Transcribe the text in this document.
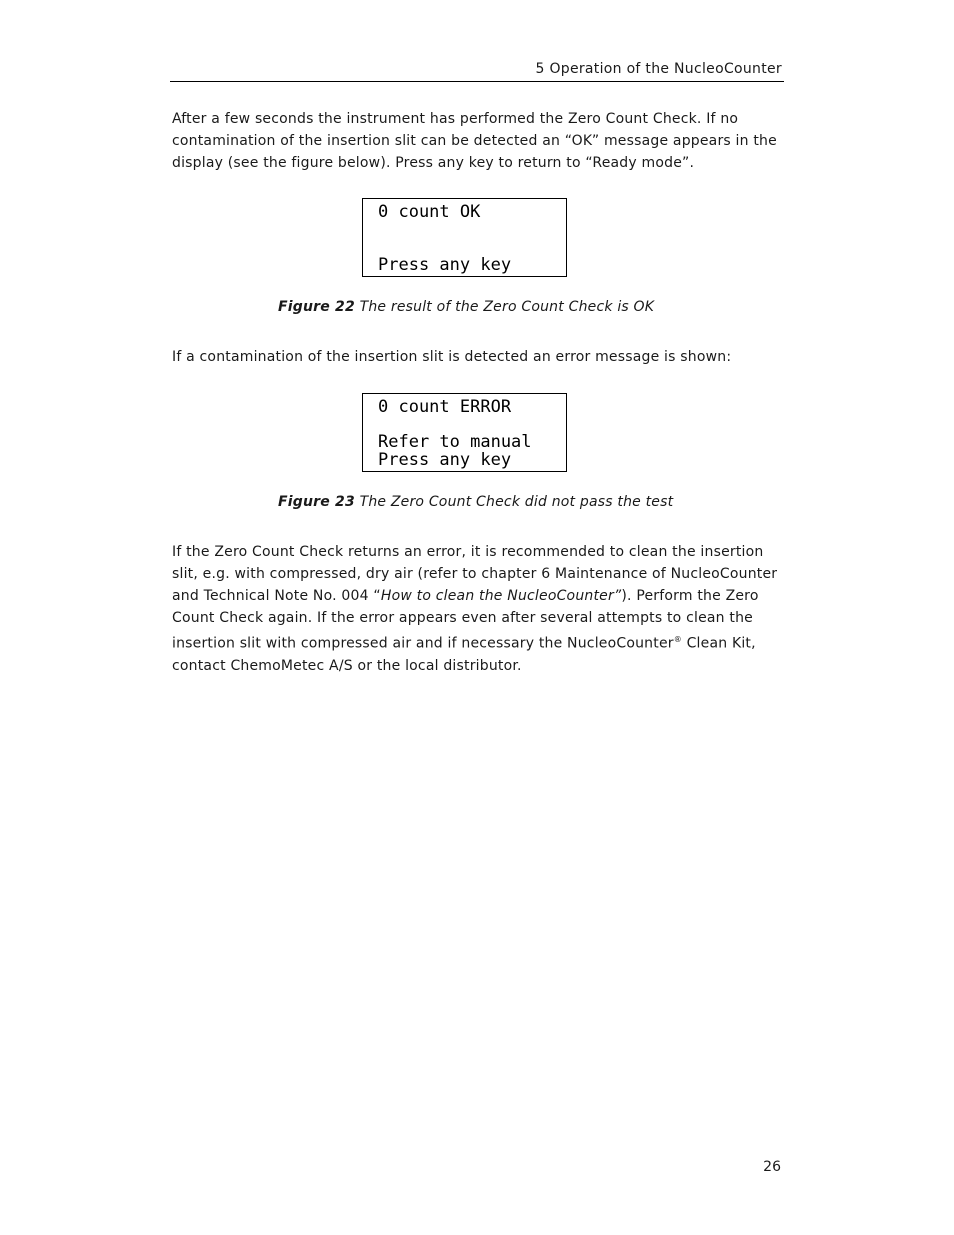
5 Operation of the NucleoCounter
After a few seconds the instrument has performed the Zero Count Check. If no contamination of the insertion slit can be detected an “OK” message appears in the display (see the figure below). Press any key to return to “Ready mode”.
0 count OK
Press any key
Figure 22 The result of the Zero Count Check is OK
If a contamination of the insertion slit is detected an error message is shown:
0 count ERROR
Refer to manual
Press any key
Figure 23 The Zero Count Check did not pass the test
If the Zero Count Check returns an error, it is recommended to clean the insertion slit, e.g. with compressed, dry air (refer to chapter 6 Maintenance of NucleoCounter and Technical Note No. 004 “How to clean the NucleoCounter”). Perform the Zero Count Check again. If the error appears even after several attempts to clean the insertion slit with compressed air and if necessary the NucleoCounter® Clean Kit, contact ChemoMetec A/S or the local distributor.
26
